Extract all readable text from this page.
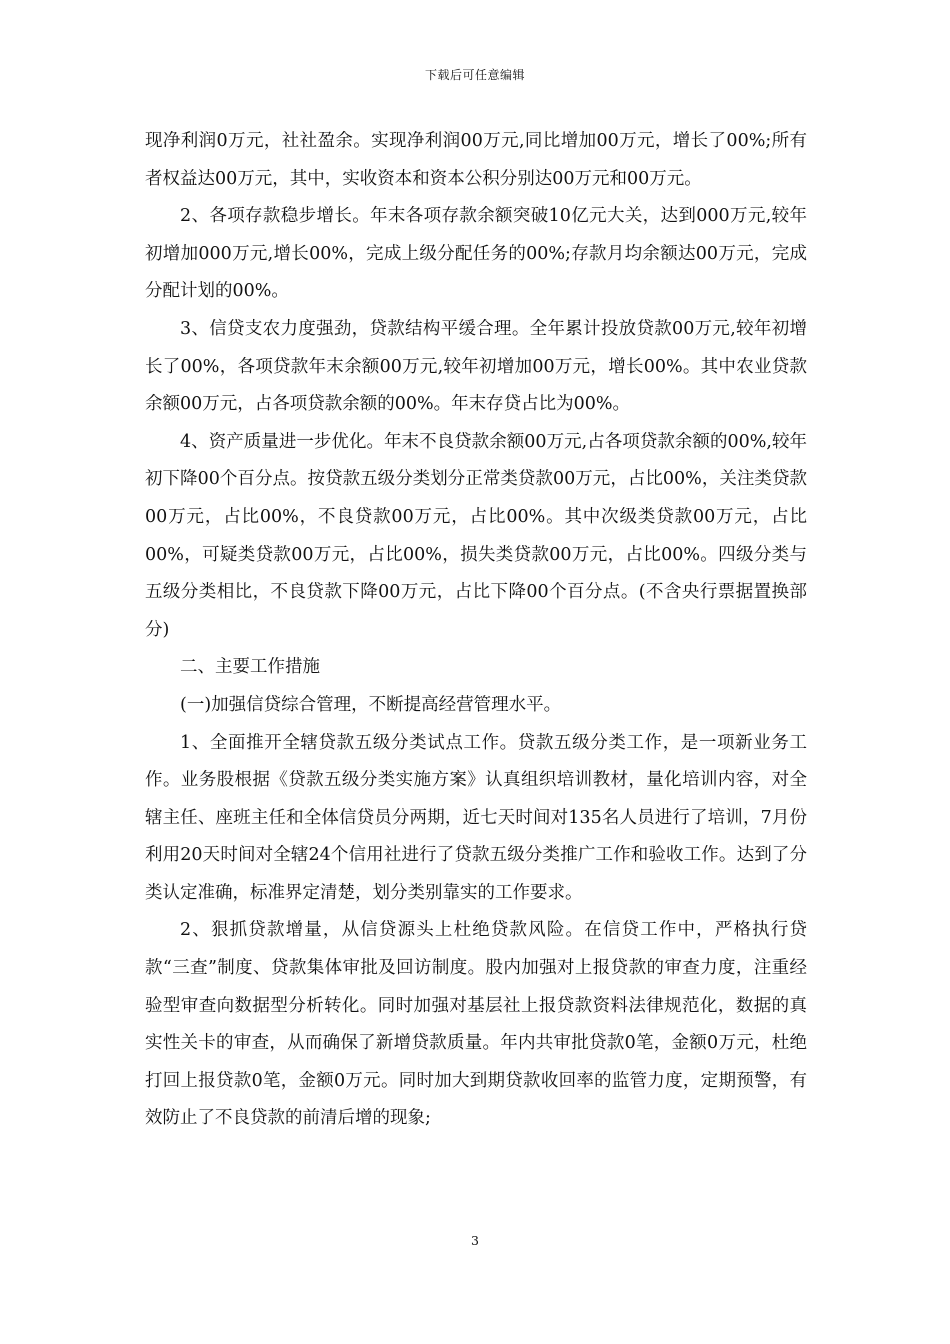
下载后可任意编辑

现净利润0万元，社社盈余。实现净利润00万元,同比增加00万元，增长了00%;所有者权益达00万元，其中，实收资本和资本公积分别达00万元和00万元。

2、各项存款稳步增长。年末各项存款余额突破10亿元大关，达到000万元,较年初增加000万元,增长00%，完成上级分配任务的00%;存款月均余额达00万元，完成分配计划的00%。

3、信贷支农力度强劲，贷款结构平缓合理。全年累计投放贷款00万元,较年初增长了00%，各项贷款年末余额00万元,较年初增加00万元，增长00%。其中农业贷款余额00万元，占各项贷款余额的00%。年末存贷占比为00%。

4、资产质量进一步优化。年末不良贷款余额00万元,占各项贷款余额的00%,较年初下降00个百分点。按贷款五级分类划分正常类贷款00万元，占比00%，关注类贷款00万元，占比00%，不良贷款00万元，占比00%。其中次级类贷款00万元，占比00%，可疑类贷款00万元，占比00%，损失类贷款00万元，占比00%。四级分类与五级分类相比，不良贷款下降00万元，占比下降00个百分点。(不含央行票据置换部分)

二、主要工作措施

(一)加强信贷综合管理，不断提高经营管理水平。

1、全面推开全辖贷款五级分类试点工作。贷款五级分类工作，是一项新业务工作。业务股根据《贷款五级分类实施方案》认真组织培训教材，量化培训内容，对全辖主任、座班主任和全体信贷员分两期，近七天时间对135名人员进行了培训，7月份利用20天时间对全辖24个信用社进行了贷款五级分类推广工作和验收工作。达到了分类认定准确，标准界定清楚，划分类别靠实的工作要求。

2、狠抓贷款增量，从信贷源头上杜绝贷款风险。在信贷工作中，严格执行贷款“三查”制度、贷款集体审批及回访制度。股内加强对上报贷款的审查力度，注重经验型审查向数据型分析转化。同时加强对基层社上报贷款资料法律规范化，数据的真实性关卡的审查，从而确保了新增贷款质量。年内共审批贷款0笔，金额0万元，杜绝打回上报贷款0笔，金额0万元。同时加大到期贷款收回率的监管力度，定期预警，有效防止了不良贷款的前清后增的现象;

3
